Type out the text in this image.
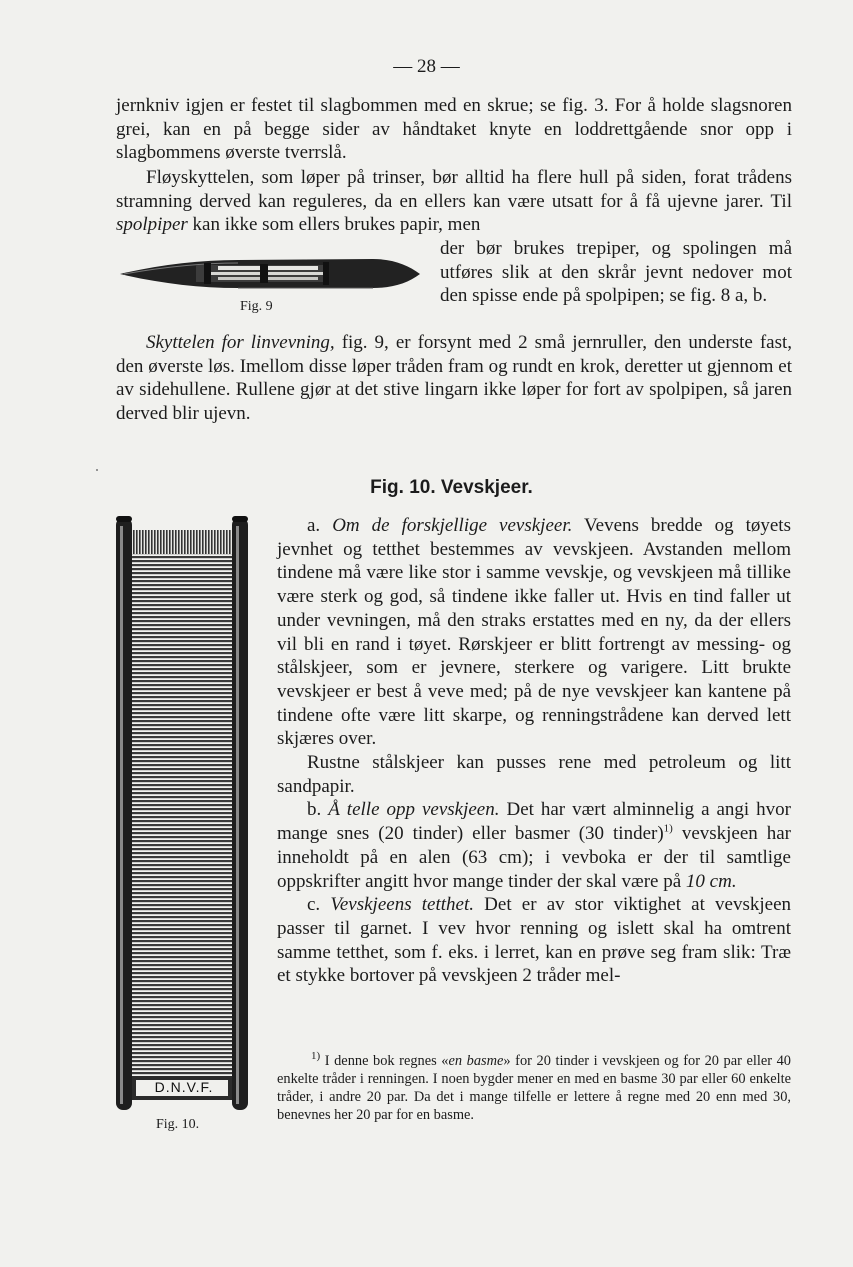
— 28 —

jernkniv igjen er festet til slagbommen med en skrue; se fig. 3. For å holde slagsnoren grei, kan en på begge sider av håndtaket knyte en loddrettgående snor opp i slagbommens øverste tverrslå.

Fløyskyttelen, som løper på trinser, bør alltid ha flere hull på siden, forat trådens stramning derved kan reguleres, da en ellers kan være utsatt for å få ujevne jarer. Til spolpiper kan ikke som ellers brukes papir, men

der bør brukes trepiper, og spolingen må utføres slik at den skrår jevnt nedover mot den spisse ende på spolpipen; se fig. 8 a, b.

Fig. 9

Skyttelen for linvevning, fig. 9, er forsynt med 2 små jernruller, den underste fast, den øverste løs. Imellom disse løper tråden fram og rundt en krok, deretter ut gjennom et av sidehullene. Rullene gjør at det stive lingarn ikke løper for fort av spolpipen, så jaren derved blir ujevn.

Fig. 10. Vevskjeer.
D.N.V.F.
Fig. 10.

a. Om de forskjellige vevskjeer. Vevens bredde og tøyets jevnhet og tetthet bestemmes av vevskjeen. Avstanden mellom tindene må være like stor i samme vevskje, og vevskjeen må tillike være sterk og god, så tindene ikke faller ut. Hvis en tind faller ut under vevningen, må den straks erstattes med en ny, da der ellers vil bli en rand i tøyet. Rørskjeer er blitt fortrengt av messing- og stålskjeer, som er jevnere, sterkere og varigere. Litt brukte vevskjeer er best å veve med; på de nye vevskjeer kan kantene på tindene ofte være litt skarpe, og renningstrådene kan derved lett skjæres over.

Rustne stålskjeer kan pusses rene med petroleum og litt sandpapir.

b. Å telle opp vevskjeen. Det har vært alminnelig a angi hvor mange snes (20 tinder) eller basmer (30 tinder)$^{1)}$ vevskjeen har inneholdt på en alen (63 cm); i vevboka er der til samtlige oppskrifter angitt hvor mange tinder der skal være på 10 cm.

c. Vevskjeens tetthet. Det er av stor viktighet at vevskjeen passer til garnet. I vev hvor renning og islett skal ha omtrent samme tetthet, som f. eks. i lerret, kan en prøve seg fram slik: Træ et stykke bortover på vevskjeen 2 tråder mel-

$^{1)}$ I denne bok regnes «en basme» for 20 tinder i vevskjeen og for 20 par eller 40 enkelte tråder i renningen. I noen bygder mener en med en basme 30 par eller 60 enkelte tråder, i andre 20 par. Da det i mange tilfelle er lettere å regne med 20 enn med 30, benevnes her 20 par for en basme.
